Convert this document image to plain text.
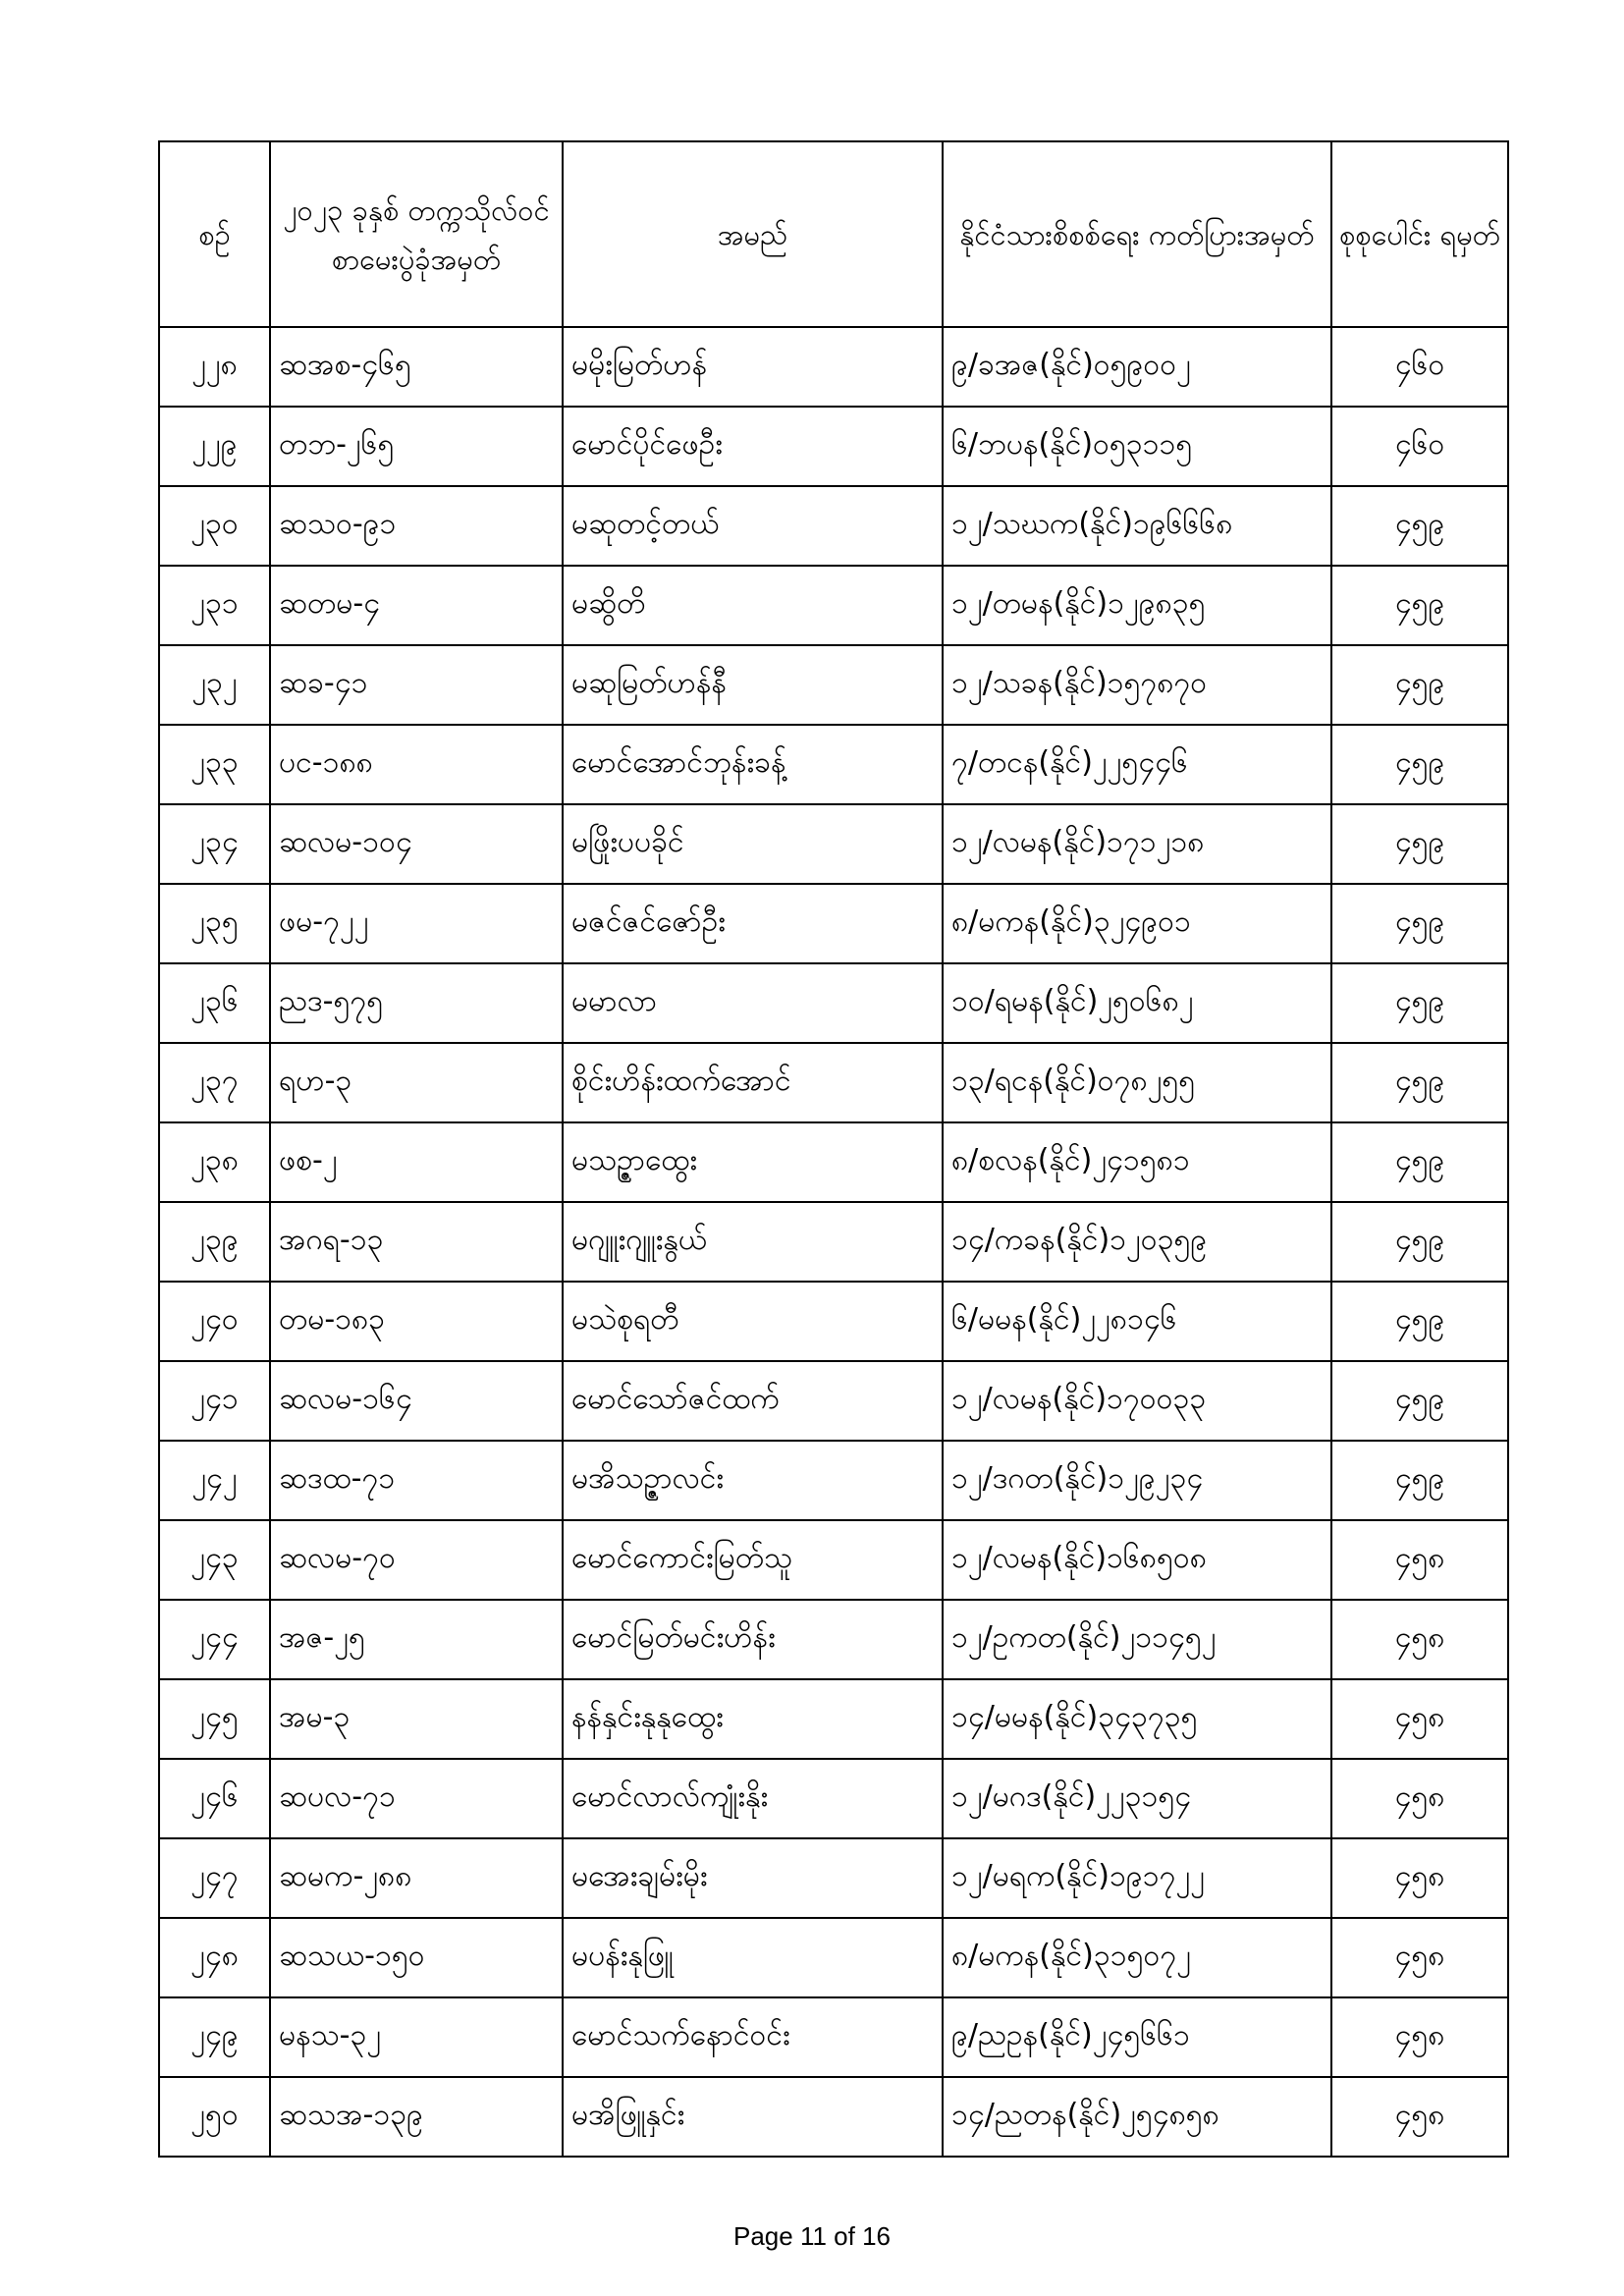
စဉ်	၂၀၂၃ ခုနှစ် တက္ကသိုလ်ဝင် စာမေးပွဲခုံအမှတ်	အမည်	နိုင်ငံသားစိစစ်ရေး ကတ်ပြားအမှတ်	စုစုပေါင်း ရမှတ်
၂၂၈	ဆအစ-၄၆၅	မမိုးမြတ်ဟန်	၉/ခအဇ(နိုင်)၀၅၉၀၀၂	၄၆၀
၂၂၉	တဘ-၂၆၅	မောင်ပိုင်ဖေဦး	၆/ဘပန(နိုင်)၀၅၃၁၁၅	၄၆၀
၂၃၀	ဆသဝ-၉၁	မဆုတင့်တယ်	၁၂/သဃက(နိုင်)၁၉၆၆၆၈	၄၅၉
၂၃၁	ဆတမ-၄	မဆွိတိ	၁၂/တမန(နိုင်)၁၂၉၈၃၅	၄၅၉
၂၃၂	ဆခ-၄၁	မဆုမြတ်ဟန်နီ	၁၂/သခန(နိုင်)၁၅၇၈၇၀	၄၅၉
၂၃၃	ပင-၁၈၈	မောင်အောင်ဘုန်းခန့်	၇/တငန(နိုင်)၂၂၅၄၄၆	၄၅၉
၂၃၄	ဆလမ-၁၀၄	မဖြိုးပပခိုင်	၁၂/လမန(နိုင်)၁၇၁၂၁၈	၄၅၉
၂၃၅	ဖမ-၇၂၂	မဇင်ဇင်ဇော်ဦး	၈/မကန(နိုင်)၃၂၄၉၀၁	၄၅၉
၂၃၆	ညဒ-၅၇၅	မမာလာ	၁၀/ရမန(နိုင်)၂၅၀၆၈၂	၄၅၉
၂၃၇	ရဟ-၃	စိုင်းဟိန်းထက်အောင်	၁၃/ရငန(နိုင်)၀၇၈၂၅၅	၄၅၉
၂၃၈	ဖစ-၂	မသဉ္ဇာထွေး	၈/စလန(နိုင်)၂၄၁၅၈၁	၄၅၉
၂၃၉	အဂရ-၁၃	မဂျူးဂျူးနွယ်	၁၄/ကခန(နိုင်)၁၂၀၃၅၉	၄၅၉
၂၄၀	တမ-၁၈၃	မသဲစုရတီ	၆/မမန(နိုင်)၂၂၈၁၄၆	၄၅၉
၂၄၁	ဆလမ-၁၆၄	မောင်သော်ဇင်ထက်	၁၂/လမန(နိုင်)၁၇၀၀၃၃	၄၅၉
၂၄၂	ဆဒထ-၇၁	မအိသဉ္ဇာလင်း	၁၂/ဒဂတ(နိုင်)၁၂၉၂၃၄	၄၅၉
၂၄၃	ဆလမ-၇၀	မောင်ကောင်းမြတ်သူ	၁၂/လမန(နိုင်)၁၆၈၅၀၈	၄၅၈
၂၄၄	အဇ-၂၅	မောင်မြတ်မင်းဟိန်း	၁၂/ဥကတ(နိုင်)၂၁၁၄၅၂	၄၅၈
၂၄၅	အမ-၃	နန်နှင်းနုနုထွေး	၁၄/မမန(နိုင်)၃၄၃၇၃၅	၄၅၈
၂၄၆	ဆပလ-၇၁	မောင်လာလ်ကျုံးနိုး	၁၂/မဂဒ(နိုင်)၂၂၃၁၅၄	၄၅၈
၂၄၇	ဆမက-၂၈၈	မအေးချမ်းမိုး	၁၂/မရက(နိုင်)၁၉၁၇၂၂	၄၅၈
၂၄၈	ဆသယ-၁၅၀	မပန်းနုဖြူ	၈/မကန(နိုင်)၃၁၅၀၇၂	၄၅၈
၂၄၉	မနသ-၃၂	မောင်သက်နောင်ဝင်း	၉/ညဥန(နိုင်)၂၄၅၆၆၁	၄၅၈
၂၅၀	ဆသအ-၁၃၉	မအိဖြူနှင်း	၁၄/ညတန(နိုင်)၂၅၄၈၅၈	၄၅၈
Page 11 of 16
